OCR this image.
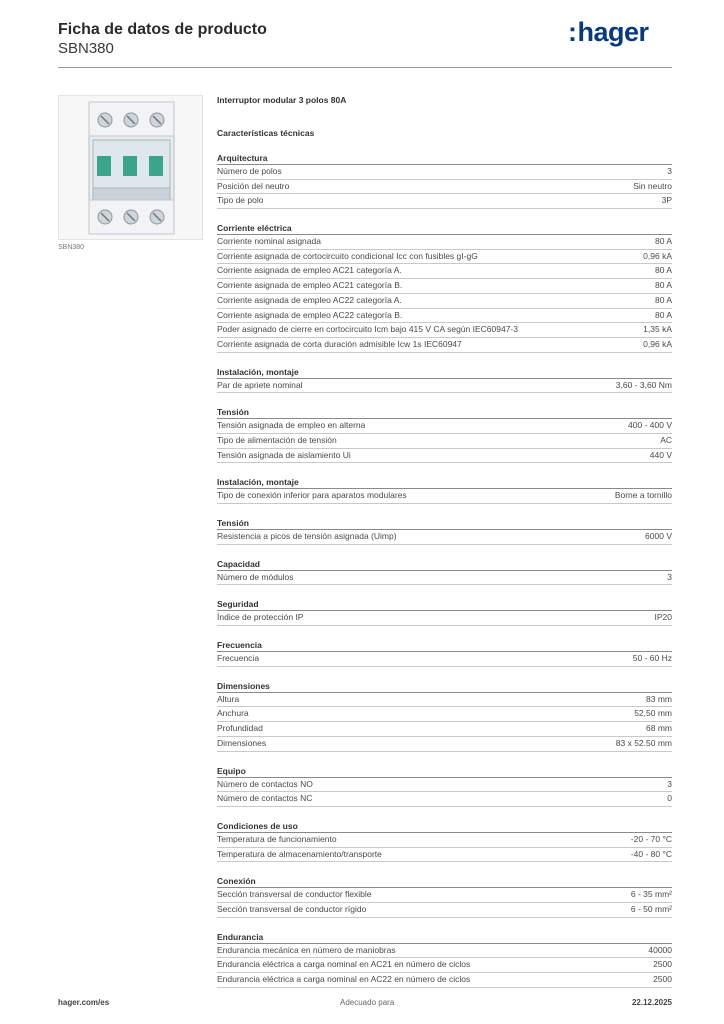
Ficha de datos de producto
SBN380
:hager
SBN380
Interruptor modular 3 polos 80A
Características técnicas
Arquitectura
Número de polos	3
Posición del neutro	Sin neutro
Tipo de polo	3P
Corriente eléctrica
Corriente nominal asignada	80 A
Corriente asignada de cortocircuito condicional Icc con fusibles gI-gG	0,96 kA
Corriente asignada de empleo AC21 categoría A.	80 A
Corriente asignada de empleo AC21 categoría B.	80 A
Corriente asignada de empleo AC22 categoría A.	80 A
Corriente asignada de empleo AC22 categoría B.	80 A
Poder asignado de cierre en cortocircuito Icm bajo 415 V CA según IEC60947-3	1,35 kA
Corriente asignada de corta duración admisible Icw 1s IEC60947	0,96 kA
Instalación, montaje
Par de apriete nominal	3,60 - 3,60 Nm
Tensión
Tensión asignada de empleo en alterna	400 - 400 V
Tipo de alimentación de tensión	AC
Tensión asignada de aislamiento Ui	440 V
Instalación, montaje
Tipo de conexión inferior para aparatos modulares	Borne a tornillo
Tensión
Resistencia a picos de tensión asignada (Uimp)	6000 V
Capacidad
Número de módulos	3
Seguridad
Índice de protección IP	IP20
Frecuencia
Frecuencia	50 - 60 Hz
Dimensiones
Altura	83 mm
Anchura	52,50 mm
Profundidad	68 mm
Dimensiones	83 x 52.50 mm
Equipo
Número de contactos NO	3
Número de contactos NC	0
Condiciones de uso
Temperatura de funcionamiento	-20 - 70 °C
Temperatura de almacenamiento/transporte	-40 - 80 °C
Conexión
Sección transversal de conductor flexible	6 - 35 mm²
Sección transversal de conductor rígido	6 - 50 mm²
Endurancia
Endurancia mecánica en número de maniobras	40000
Endurancia eléctrica a carga nominal en AC21 en número de ciclos	2500
Endurancia eléctrica a carga nominal en AC22 en número de ciclos	2500
hager.com/es	Adecuado para	22.12.2025
